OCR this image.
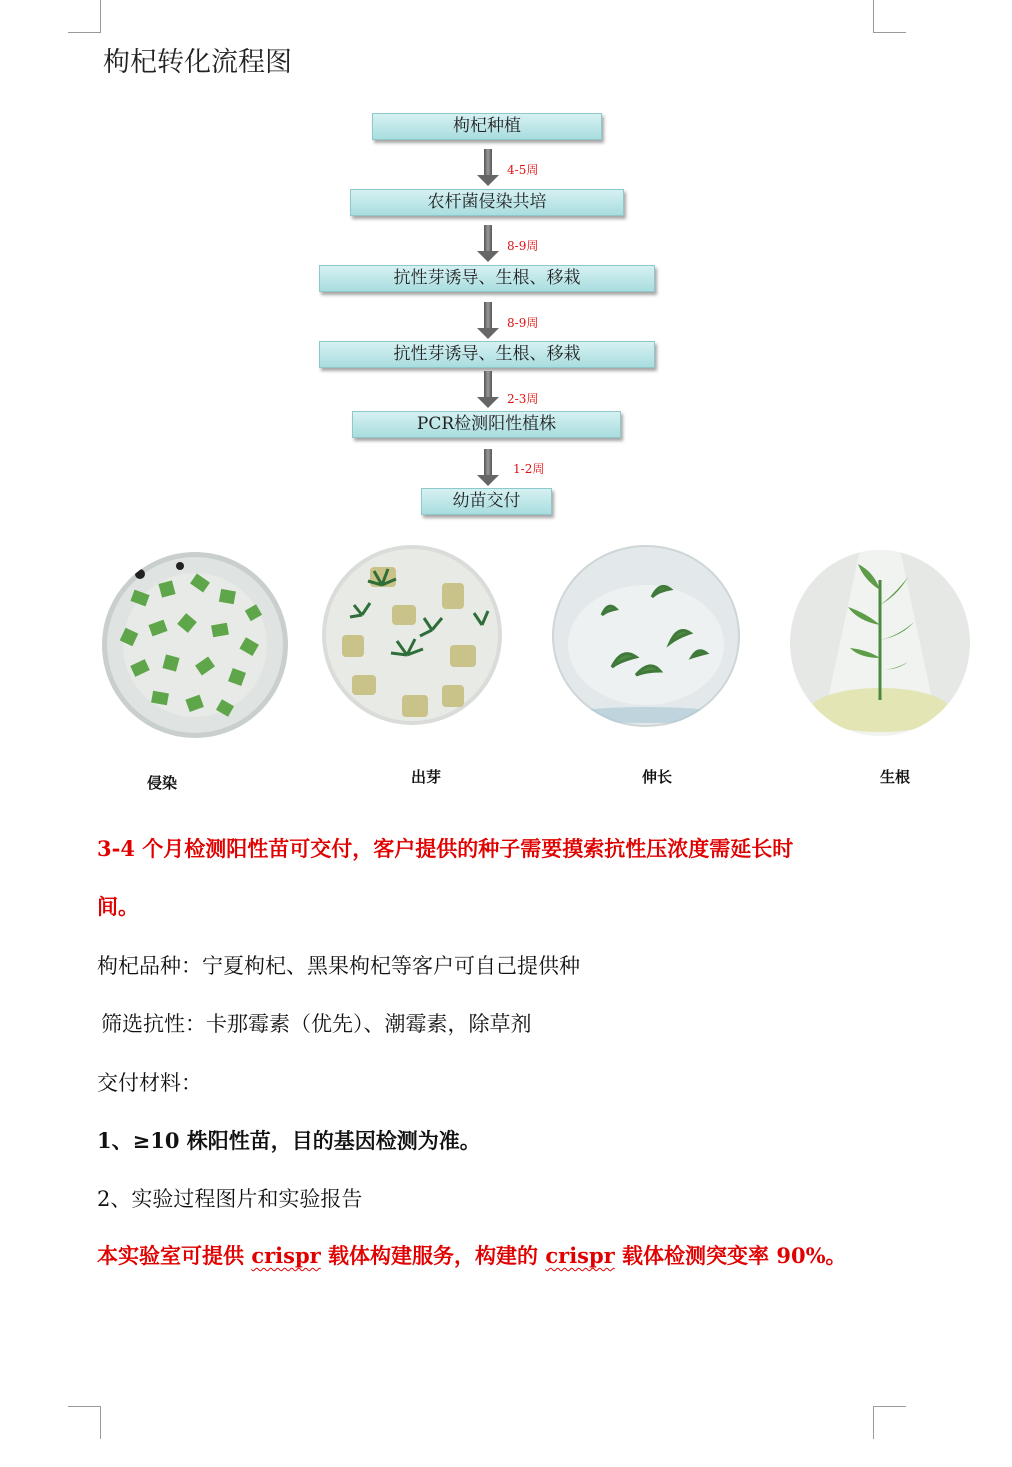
枸杞转化流程图
枸杞种植
4-5周
农杆菌侵染共培
8-9周
抗性芽诱导、生根、移栽
8-9周
抗性芽诱导、生根、移栽
2-3周
PCR检测阳性植株
1-2周
幼苗交付
侵染	出芽	伸长	生根
3-4 个月检测阳性苗可交付，客户提供的种子需要摸索抗性压浓度需延长时
间。
枸杞品种：宁夏枸杞、黑果枸杞等客户可自己提供种
筛选抗性：卡那霉素（优先）、潮霉素，除草剂
交付材料：
1、≥10 株阳性苗，目的基因检测为准。
2、实验过程图片和实验报告
本实验室可提供 crispr 载体构建服务，构建的 crispr 载体检测突变率 90%。
